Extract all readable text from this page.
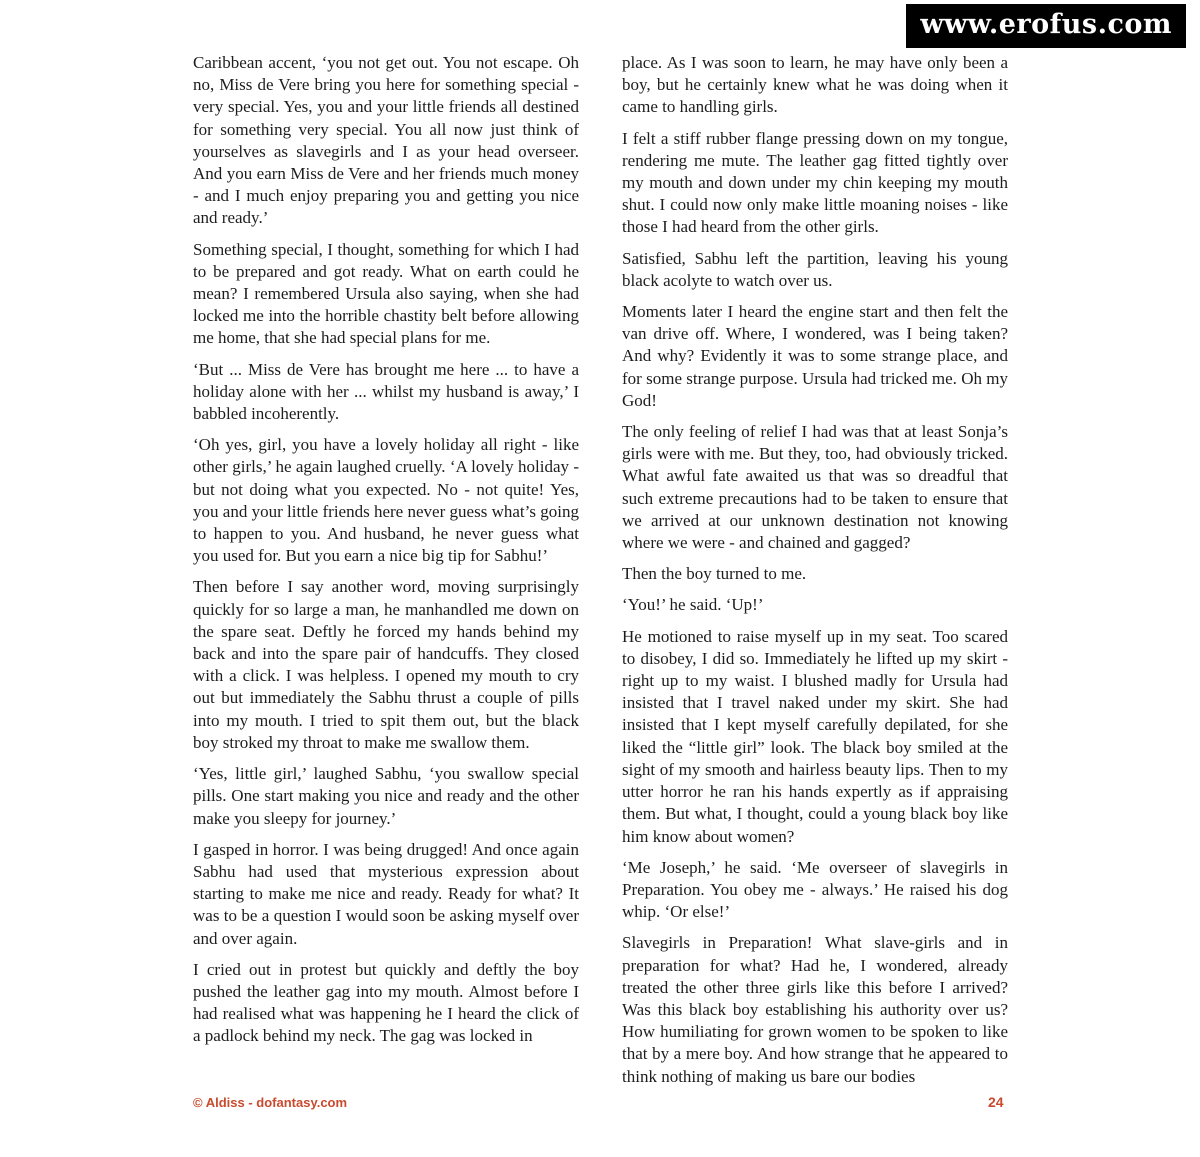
www.erofus.com

Caribbean accent, ‘you not get out. You not escape. Oh no, Miss de Vere bring you here for something special - very special. Yes, you and your little friends all destined for something very special. You all now just think of yourselves as slavegirls and I as your head overseer. And you earn Miss de Vere and her friends much money - and I much enjoy preparing you and getting you nice and ready.’

Something special, I thought, something for which I had to be prepared and got ready. What on earth could he mean? I remembered Ursula also saying, when she had locked me into the horrible chastity belt before allowing me home, that she had special plans for me.

‘But ... Miss de Vere has brought me here ... to have a holiday alone with her ... whilst my husband is away,’ I babbled incoherently.

‘Oh yes, girl, you have a lovely holiday all right - like other girls,’ he again laughed cruelly. ‘A lovely holiday - but not doing what you expected. No - not quite! Yes, you and your little friends here never guess what’s going to happen to you. And husband, he never guess what you used for. But you earn a nice big tip for Sabhu!’

Then before I say another word, moving surprisingly quickly for so large a man, he manhandled me down on the spare seat. Deftly he forced my hands behind my back and into the spare pair of handcuffs. They closed with a click. I was helpless. I opened my mouth to cry out but immediately the Sabhu thrust a couple of pills into my mouth. I tried to spit them out, but the black boy stroked my throat to make me swallow them.

‘Yes, little girl,’ laughed Sabhu, ‘you swallow special pills. One start making you nice and ready and the other make you sleepy for journey.’

I gasped in horror. I was being drugged! And once again Sabhu had used that mysterious expression about starting to make me nice and ready. Ready for what? It was to be a question I would soon be asking myself over and over again.

I cried out in protest but quickly and deftly the boy pushed the leather gag into my mouth. Almost before I had realised what was happening he I heard the click of a padlock behind my neck. The gag was locked in

place. As I was soon to learn, he may have only been a boy, but he certainly knew what he was doing when it came to handling girls.

I felt a stiff rubber flange pressing down on my tongue, rendering me mute. The leather gag fitted tightly over my mouth and down under my chin keeping my mouth shut. I could now only make little moaning noises - like those I had heard from the other girls.

Satisfied, Sabhu left the partition, leaving his young black acolyte to watch over us.

Moments later I heard the engine start and then felt the van drive off. Where, I wondered, was I being taken? And why? Evidently it was to some strange place, and for some strange purpose. Ursula had tricked me. Oh my God!

The only feeling of relief I had was that at least Sonja’s girls were with me. But they, too, had obviously tricked. What awful fate awaited us that was so dreadful that such extreme precautions had to be taken to ensure that we arrived at our unknown destination not knowing where we were - and chained and gagged?

Then the boy turned to me.

‘You!’ he said. ‘Up!’

He motioned to raise myself up in my seat. Too scared to disobey, I did so. Immediately he lifted up my skirt - right up to my waist. I blushed madly for Ursula had insisted that I travel naked under my skirt. She had insisted that I kept myself carefully depilated, for she liked the “little girl” look. The black boy smiled at the sight of my smooth and hairless beauty lips. Then to my utter horror he ran his hands expertly as if appraising them. But what, I thought, could a young black boy like him know about women?

‘Me Joseph,’ he said. ‘Me overseer of slavegirls in Preparation. You obey me - always.’ He raised his dog whip. ‘Or else!’

Slavegirls in Preparation! What slave-girls and in preparation for what? Had he, I wondered, already treated the other three girls like this before I arrived? Was this black boy establishing his authority over us? How humiliating for grown women to be spoken to like that by a mere boy. And how strange that he appeared to think nothing of making us bare our bodies

© Aldiss - dofantasy.com	24
